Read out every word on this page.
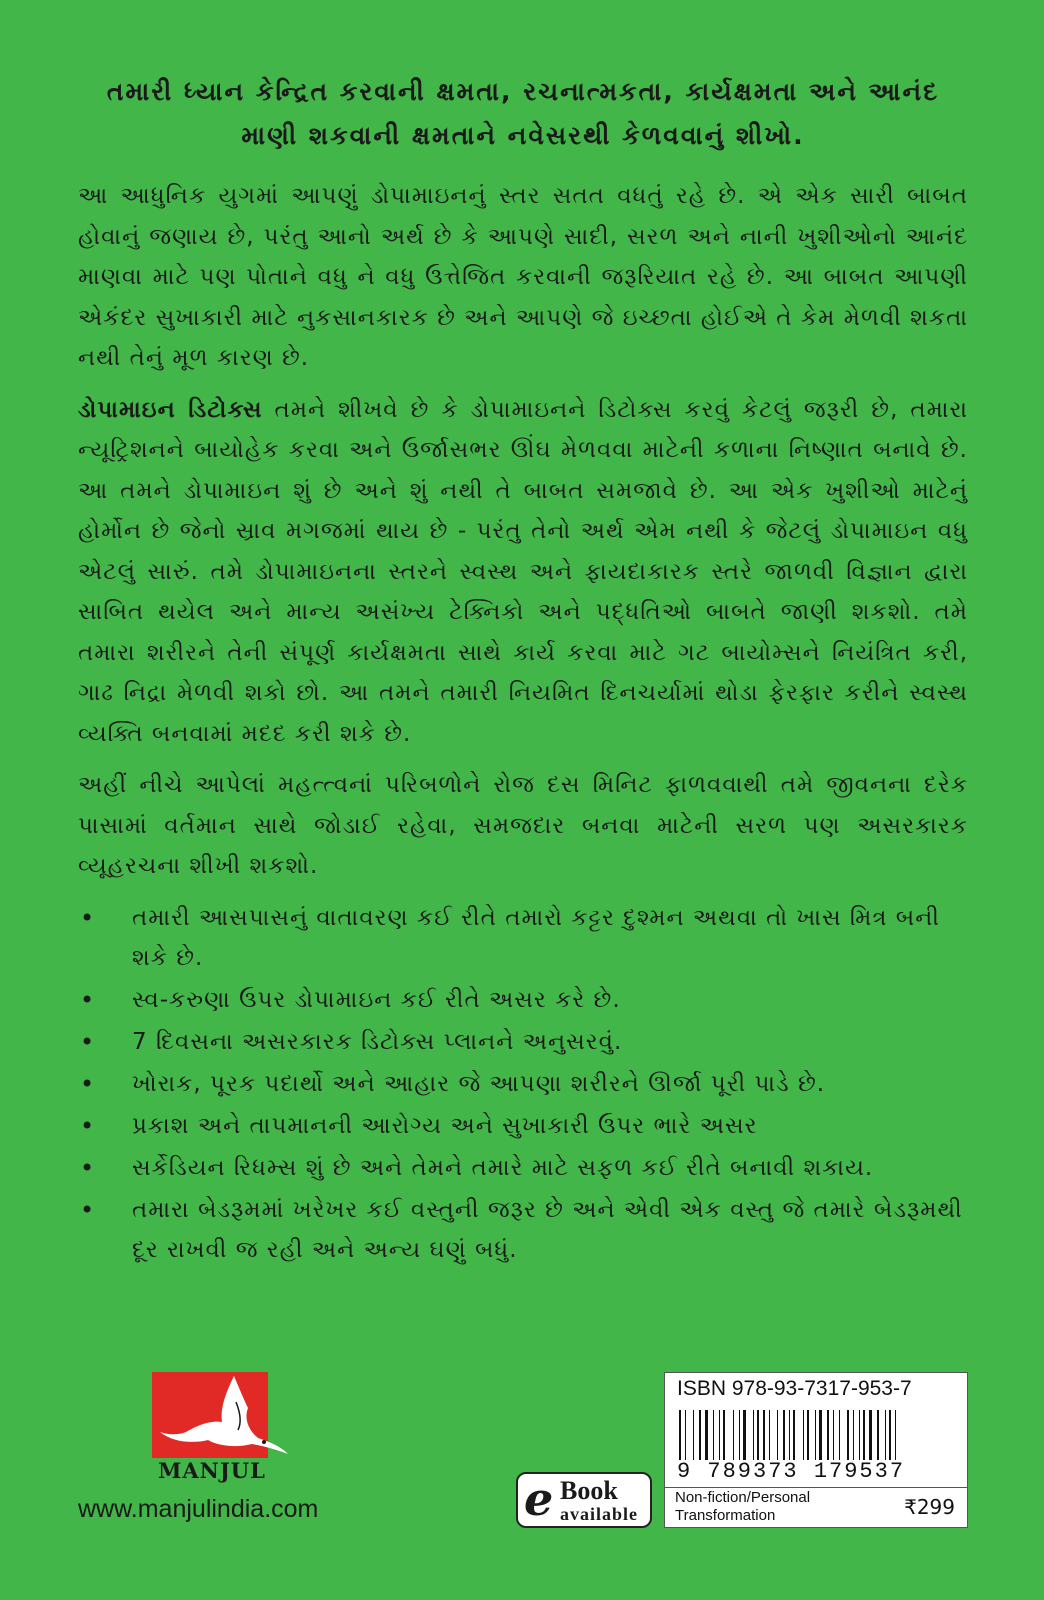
તમારી ધ્યાન કેન્દ્રિત કરવાની ક્ષમતા, રચનાત્મકતા, કાર્યક્ષમતા અને આનંદ
માણી શકવાની ક્ષમતાને નવેસરથી કેળવવાનું શીખો.

આ આધુનિક યુગમાં આપણું ડોપામાઇનનું સ્તર સતત વધતું રહે છે. એ એક સારી બાબત હોવાનું જણાય છે, પરંતુ આનો અર્થ છે કે આપણે સાદી, સરળ અને નાની ખુશીઓનો આનંદ માણવા માટે પણ પોતાને વધુ ને વધુ ઉત્તેજિત કરવાની જરૂરિયાત રહે છે. આ બાબત આપણી એકંદર સુખાકારી માટે નુકસાનકારક છે અને આપણે જે ઇચ્છતા હોઈએ તે કેમ મેળવી શકતા નથી તેનું મૂળ કારણ છે.

ડોપામાઇન ડિટોક્સ તમને શીખવે છે કે ડોપામાઇનને ડિટોક્સ કરવું કેટલું જરૂરી છે, તમારા ન્યૂટ્રિશનને બાયોહેક કરવા અને ઉર્જાસભર ઊંઘ મેળવવા માટેની કળાના નિષ્ણાત બનાવે છે. આ તમને ડોપામાઇન શું છે અને શું નથી તે બાબત સમજાવે છે. આ એક ખુશીઓ માટેનું હોર્મોન છે જેનો સ્રાવ મગજમાં થાય છે - પરંતુ તેનો અર્થ એમ નથી કે જેટલું ડોપામાઇન વધુ એટલું સારું. તમે ડોપામાઇનના સ્તરને સ્વસ્થ અને ફાયદાકારક સ્તરે જાળવી વિજ્ઞાન દ્વારા સાબિત થયેલ અને માન્ય અસંખ્ય ટેક્નિકો અને પદ્ધતિઓ બાબતે જાણી શકશો. તમે તમારા શરીરને તેની સંપૂર્ણ કાર્યક્ષમતા સાથે કાર્ય કરવા માટે ગટ બાયોમ્સને નિયંત્રિત કરી, ગાઢ નિદ્રા મેળવી શકો છો. આ તમને તમારી નિયમિત દિનચર્યામાં થોડા ફેરફાર કરીને સ્વસ્થ વ્યક્તિ બનવામાં મદદ કરી શકે છે.

અહીં નીચે આપેલાં મહત્ત્વનાં પરિબળોને રોજ દસ મિનિટ ફાળવવાથી તમે જીવનના દરેક પાસામાં વર્તમાન સાથે જોડાઈ રહેવા, સમજદાર બનવા માટેની સરળ પણ અસરકારક વ્યૂહરચના શીખી શકશો.

• તમારી આસપાસનું વાતાવરણ કઈ રીતે તમારો કટ્ટર દુશ્મન અથવા તો ખાસ મિત્ર બની શકે છે.
• સ્વ-કરુણા ઉપર ડોપામાઇન કઈ રીતે અસર કરે છે.
• 7 દિવસના અસરકારક ડિટોક્સ પ્લાનને અનુસરવું.
• ખોરાક, પૂરક પદાર્થો અને આહાર જે આપણા શરીરને ઊર્જા પૂરી પાડે છે.
• પ્રકાશ અને તાપમાનની આરોગ્ય અને સુખાકારી ઉપર ભારે અસર
• સર્કેડિયન રિધમ્સ શું છે અને તેમને તમારે માટે સફળ કઈ રીતે બનાવી શકાય.
• તમારા બેડરૂમમાં ખરેખર કઈ વસ્તુની જરૂર છે અને એવી એક વસ્તુ જે તમારે બેડરૂમથી દૂર રાખવી જ રહી અને અન્ય ઘણું બધું.
MANJUL
www.manjulindia.com	e Book
available
ISBN 978-93-7317-953-7
9 789373 179537
Non-fiction/Personal
Transformation	₹299
